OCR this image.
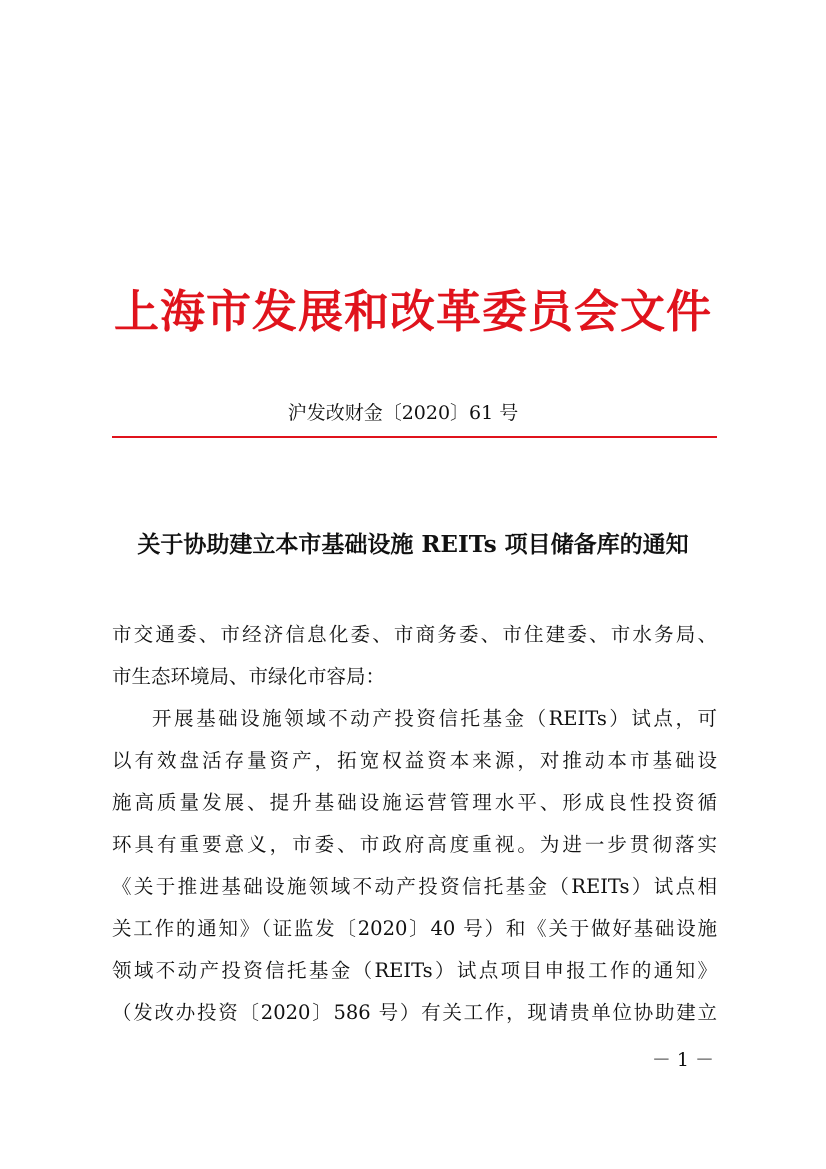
上海市发展和改革委员会文件
沪发改财金〔2020〕61 号
关于协助建立本市基础设施 REITs 项目储备库的通知
市交通委、市经济信息化委、市商务委、市住建委、市水务局、
市生态环境局、市绿化市容局：
开展基础设施领域不动产投资信托基金（REITs）试点，可
以有效盘活存量资产，拓宽权益资本来源，对推动本市基础设
施高质量发展、提升基础设施运营管理水平、形成良性投资循
环具有重要意义，市委、市政府高度重视。为进一步贯彻落实
《关于推进基础设施领域不动产投资信托基金（REITs）试点相
关工作的通知》（证监发〔2020〕40 号）和《关于做好基础设施
领域不动产投资信托基金（REITs）试点项目申报工作的通知》
（发改办投资〔2020〕586 号）有关工作，现请贵单位协助建立
－ 1 －
